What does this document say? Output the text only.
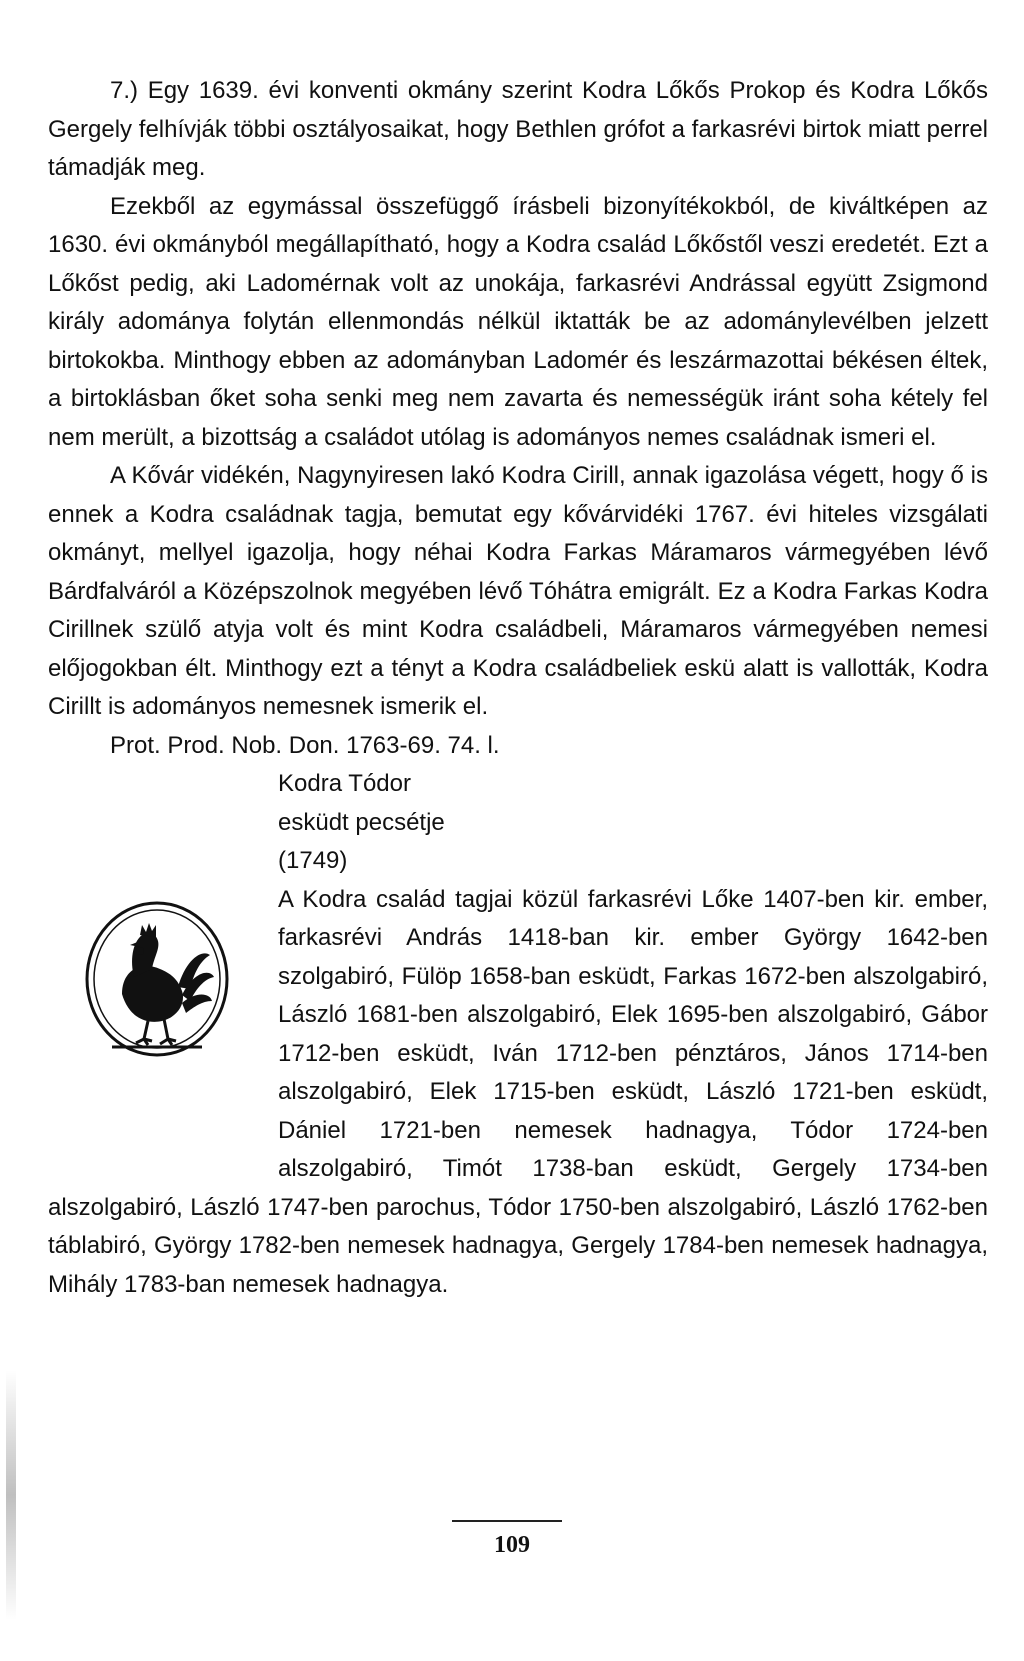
7.) Egy 1639. évi konventi okmány szerint Kodra Lőkős Prokop és Kodra Lőkős Gergely felhívják többi osztályosaikat, hogy Bethlen grófot a farkasrévi birtok miatt perrel támadják meg.

Ezekből az egymással összefüggő írásbeli bizonyítékokból, de kiváltképen az 1630. évi okmányból megállapítható, hogy a Kodra család Lőkőstől veszi eredetét. Ezt a Lőkőst pedig, aki Ladomérnak volt az unokája, farkasrévi Andrással együtt Zsigmond király adománya folytán ellenmondás nélkül iktatták be az adománylevélben jelzett birtokokba. Minthogy ebben az adományban Ladomér és leszármazottai békésen éltek, a birtoklásban őket soha senki meg nem zavarta és nemességük iránt soha kétely fel nem merült, a bizottság a családot utólag is adományos nemes családnak ismeri el.

A Kővár vidékén, Nagynyiresen lakó Kodra Cirill, annak igazolása végett, hogy ő is ennek a Kodra családnak tagja, bemutat egy kővárvidéki 1767. évi hiteles vizsgálati okmányt, mellyel igazolja, hogy néhai Kodra Farkas Máramaros vármegyében lévő Bárdfalváról a Középszolnok megyében lévő Tóhátra emigrált. Ez a Kodra Farkas Kodra Cirillnek szülő atyja volt és mint Kodra családbeli, Máramaros vármegyében nemesi előjogokban élt. Minthogy ezt a tényt a Kodra családbeliek eskü alatt is vallották, Kodra Cirillt is adományos nemesnek ismerik el.

Prot. Prod. Nob. Don. 1763-69. 74. l.

Kodra Tódor
esküdt pecsétje
(1749)
A Kodra család tagjai közül farkasrévi Lőke 1407-ben kir. ember, farkasrévi András 1418-ban kir. ember György 1642-ben szolgabiró, Fülöp 1658-ban esküdt, Farkas 1672-ben alszolgabiró, László 1681-ben alszolgabiró, Elek 1695-ben alszolgabiró, Gábor 1712-ben esküdt, Iván 1712-ben pénztáros, János 1714-ben alszolgabiró, Elek 1715-ben esküdt, László 1721-ben esküdt, Dániel 1721-ben nemesek hadnagya, Tódor 1724-ben alszolgabiró, Timót 1738-ban esküdt, Gergely 1734-ben alszolgabiró, László 1747-ben parochus, Tódor 1750-ben alszolgabiró, László 1762-ben táblabiró, György 1782-ben nemesek hadnagya, Gergely 1784-ben nemesek hadnagya, Mihály 1783-ban nemesek hadnagya.

109
